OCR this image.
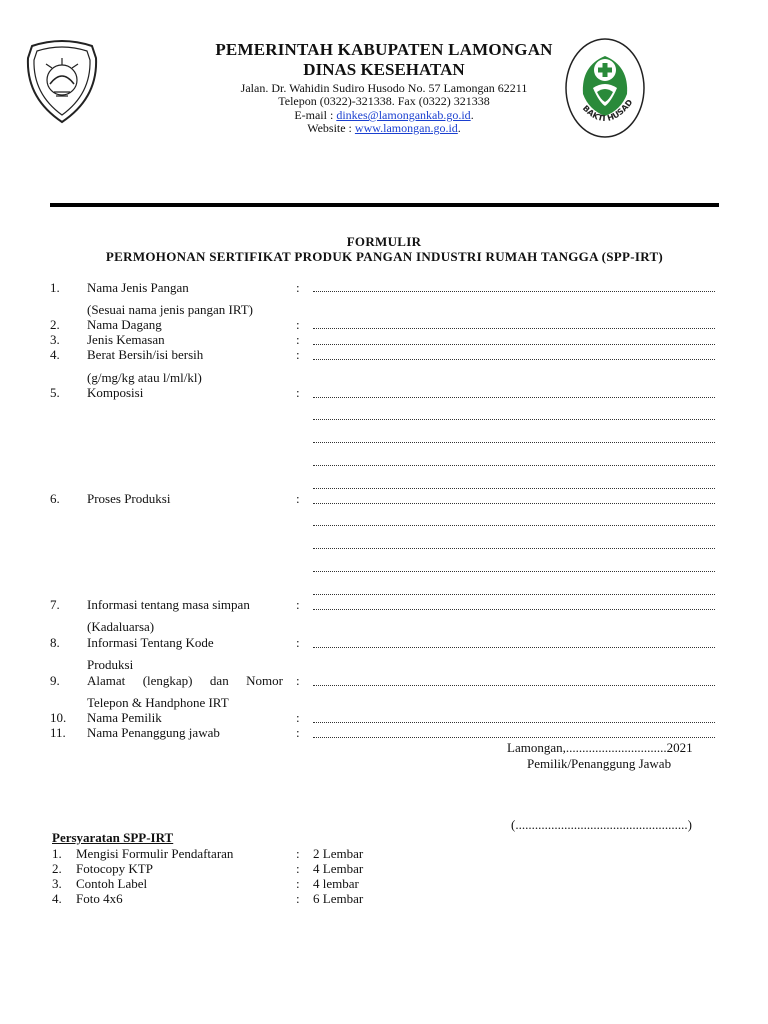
PEMERINTAH KABUPATEN LAMONGAN
DINAS KESEHATAN
Jalan. Dr. Wahidin Sudiro Husodo No. 57 Lamongan 62211
Telepon (0322)-321338. Fax (0322) 321338
E-mail : dinkes@lamongankab.go.id.
Website : www.lamongan.go.id.
BAKTI HUSAD
FORMULIR
PERMOHONAN SERTIFIKAT PRODUK PANGAN INDUSTRI RUMAH TANGGA (SPP-IRT)
1.	Nama Jenis Pangan	:
(Sesuai nama jenis pangan IRT)
2.	Nama Dagang	:
3.	Jenis Kemasan	:
4.	Berat Bersih/isi bersih	:
(g/mg/kg atau l/ml/kl)
5.	Komposisi	:
6.	Proses Produksi	:
7.	Informasi tentang masa simpan	:
(Kadaluarsa)
8.	Informasi Tentang Kode	:
Produksi
9.	Alamat (lengkap) dan Nomor :
Telepon & Handphone IRT
10.	Nama Pemilik	:
11.	Nama Penanggung jawab	:
Lamongan,...............................2021
Pemilik/Penanggung Jawab
(.....................................................)
Persyaratan SPP-IRT
1. Mengisi Formulir Pendaftaran	: 2 Lembar
2. Fotocopy KTP	: 4 Lembar
3. Contoh Label	: 4 lembar
4. Foto 4x6	: 6 Lembar
